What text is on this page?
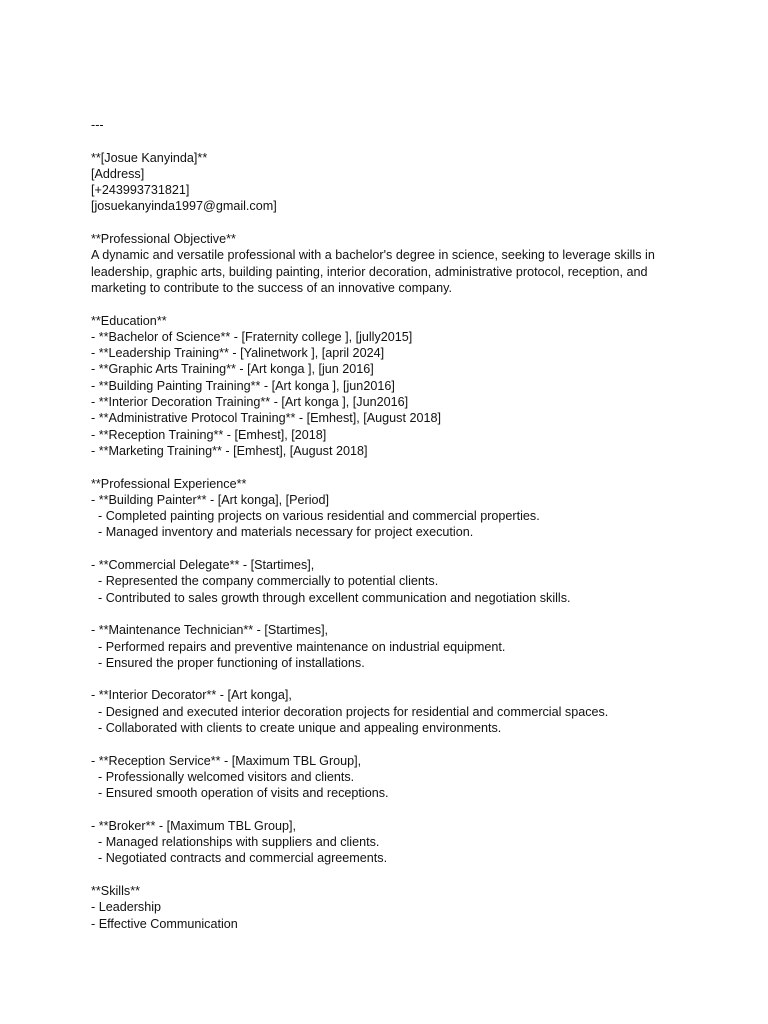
---
**[Josue Kanyinda]**
[Address]
[+243993731821]
[josuekanyinda1997@gmail.com]
**Professional Objective**
A dynamic and versatile professional with a bachelor's degree in science, seeking to leverage skills in
leadership, graphic arts, building painting, interior decoration, administrative protocol, reception, and
marketing to contribute to the success of an innovative company.
**Education**
- **Bachelor of Science** - [Fraternity college ], [jully2015]
- **Leadership Training** - [Yalinetwork ], [april 2024]
- **Graphic Arts Training** - [Art konga ], [jun 2016]
- **Building Painting Training** - [Art konga ], [jun2016]
- **Interior Decoration Training** - [Art konga ], [Jun2016]
- **Administrative Protocol Training** - [Emhest], [August 2018]
- **Reception Training** - [Emhest], [2018]
- **Marketing Training** - [Emhest], [August 2018]
**Professional Experience**
- **Building Painter** - [Art konga], [Period]
- Completed painting projects on various residential and commercial properties.
- Managed inventory and materials necessary for project execution.
- **Commercial Delegate** - [Startimes],
- Represented the company commercially to potential clients.
- Contributed to sales growth through excellent communication and negotiation skills.
- **Maintenance Technician** - [Startimes],
- Performed repairs and preventive maintenance on industrial equipment.
- Ensured the proper functioning of installations.
- **Interior Decorator** - [Art konga],
- Designed and executed interior decoration projects for residential and commercial spaces.
- Collaborated with clients to create unique and appealing environments.
- **Reception Service** - [Maximum TBL Group],
- Professionally welcomed visitors and clients.
- Ensured smooth operation of visits and receptions.
- **Broker** - [Maximum TBL Group],
- Managed relationships with suppliers and clients.
- Negotiated contracts and commercial agreements.
**Skills**
- Leadership
- Effective Communication
